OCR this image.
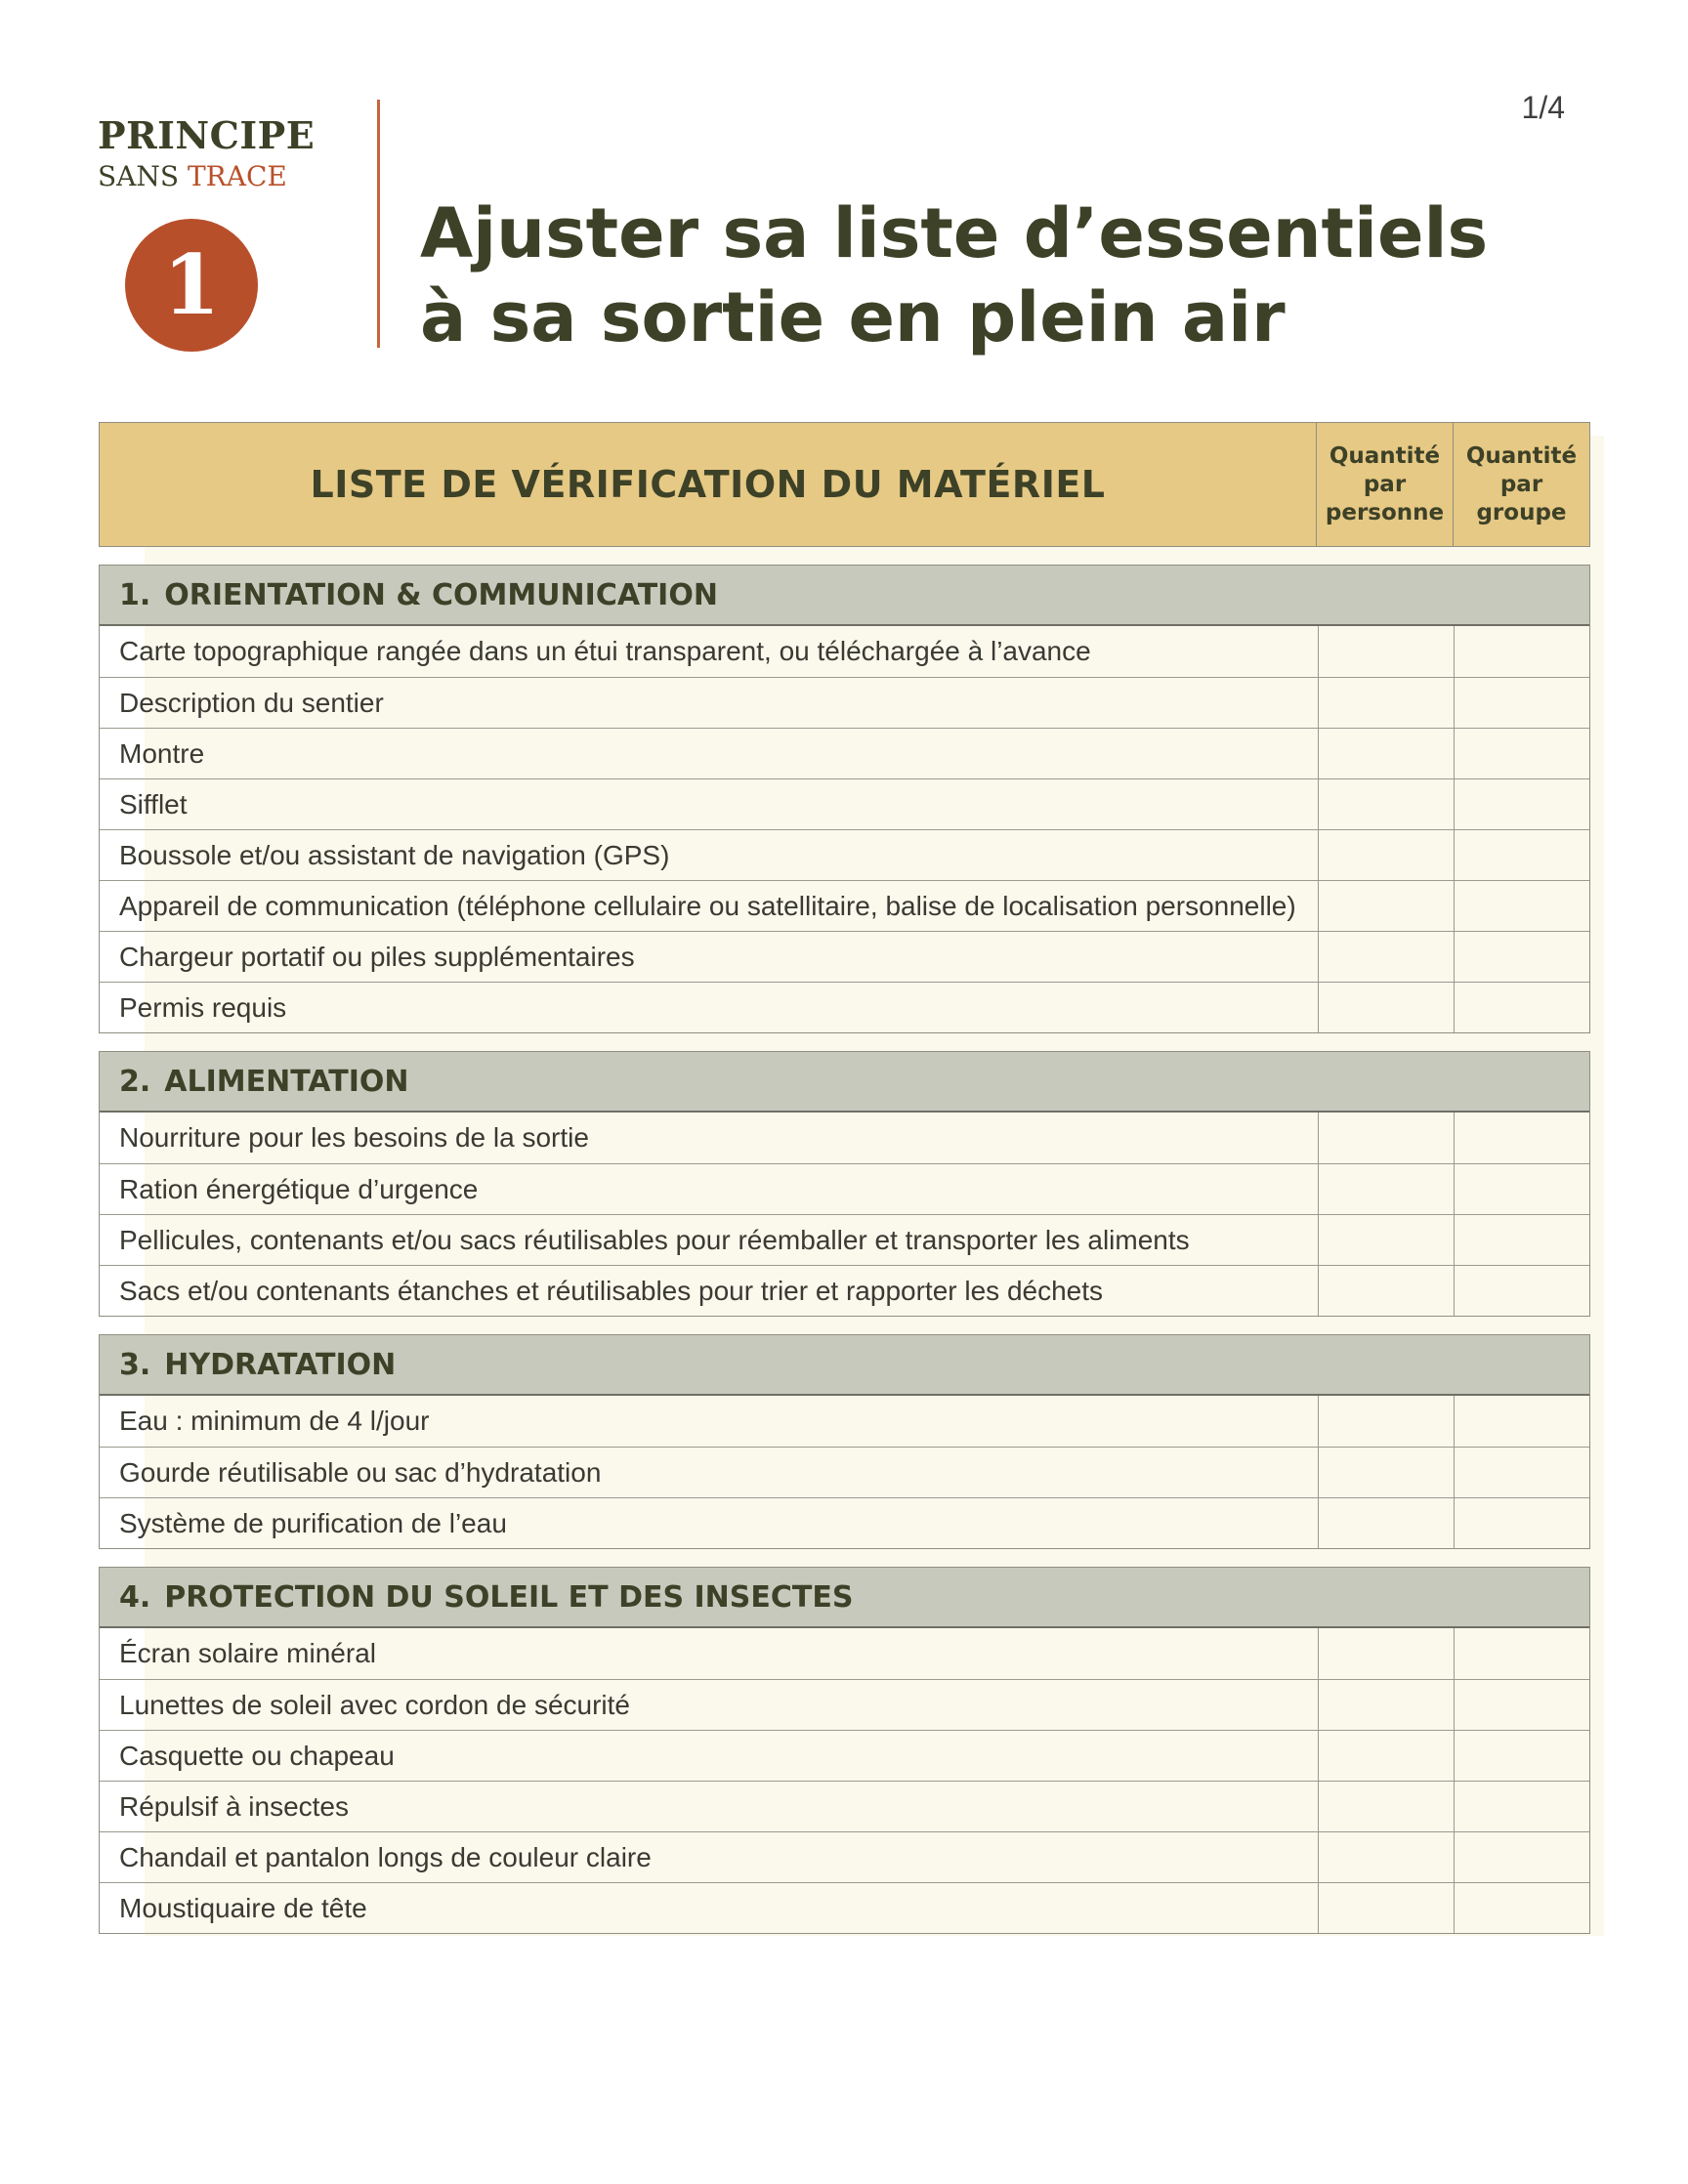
1/4
PRINCIPE
SANS TRACE
1
Ajuster sa liste d’essentiels
à sa sortie en plein air
LISTE DE VÉRIFICATION DU MATÉRIEL
Quantité
par
personne
Quantité
par
groupe
1. ORIENTATION & COMMUNICATION
Carte topographique rangée dans un étui transparent, ou téléchargée à l’avance
Description du sentier
Montre
Sifflet
Boussole et/ou assistant de navigation (GPS)
Appareil de communication (téléphone cellulaire ou satellitaire, balise de localisation personnelle)
Chargeur portatif ou piles supplémentaires
Permis requis
2. ALIMENTATION
Nourriture pour les besoins de la sortie
Ration énergétique d’urgence
Pellicules, contenants et/ou sacs réutilisables pour réemballer et transporter les aliments
Sacs et/ou contenants étanches et réutilisables pour trier et rapporter les déchets
3. HYDRATATION
Eau : minimum de 4 l/jour
Gourde réutilisable ou sac d’hydratation
Système de purification de l’eau
4. PROTECTION DU SOLEIL ET DES INSECTES
Écran solaire minéral
Lunettes de soleil avec cordon de sécurité
Casquette ou chapeau
Répulsif à insectes
Chandail et pantalon longs de couleur claire
Moustiquaire de tête
